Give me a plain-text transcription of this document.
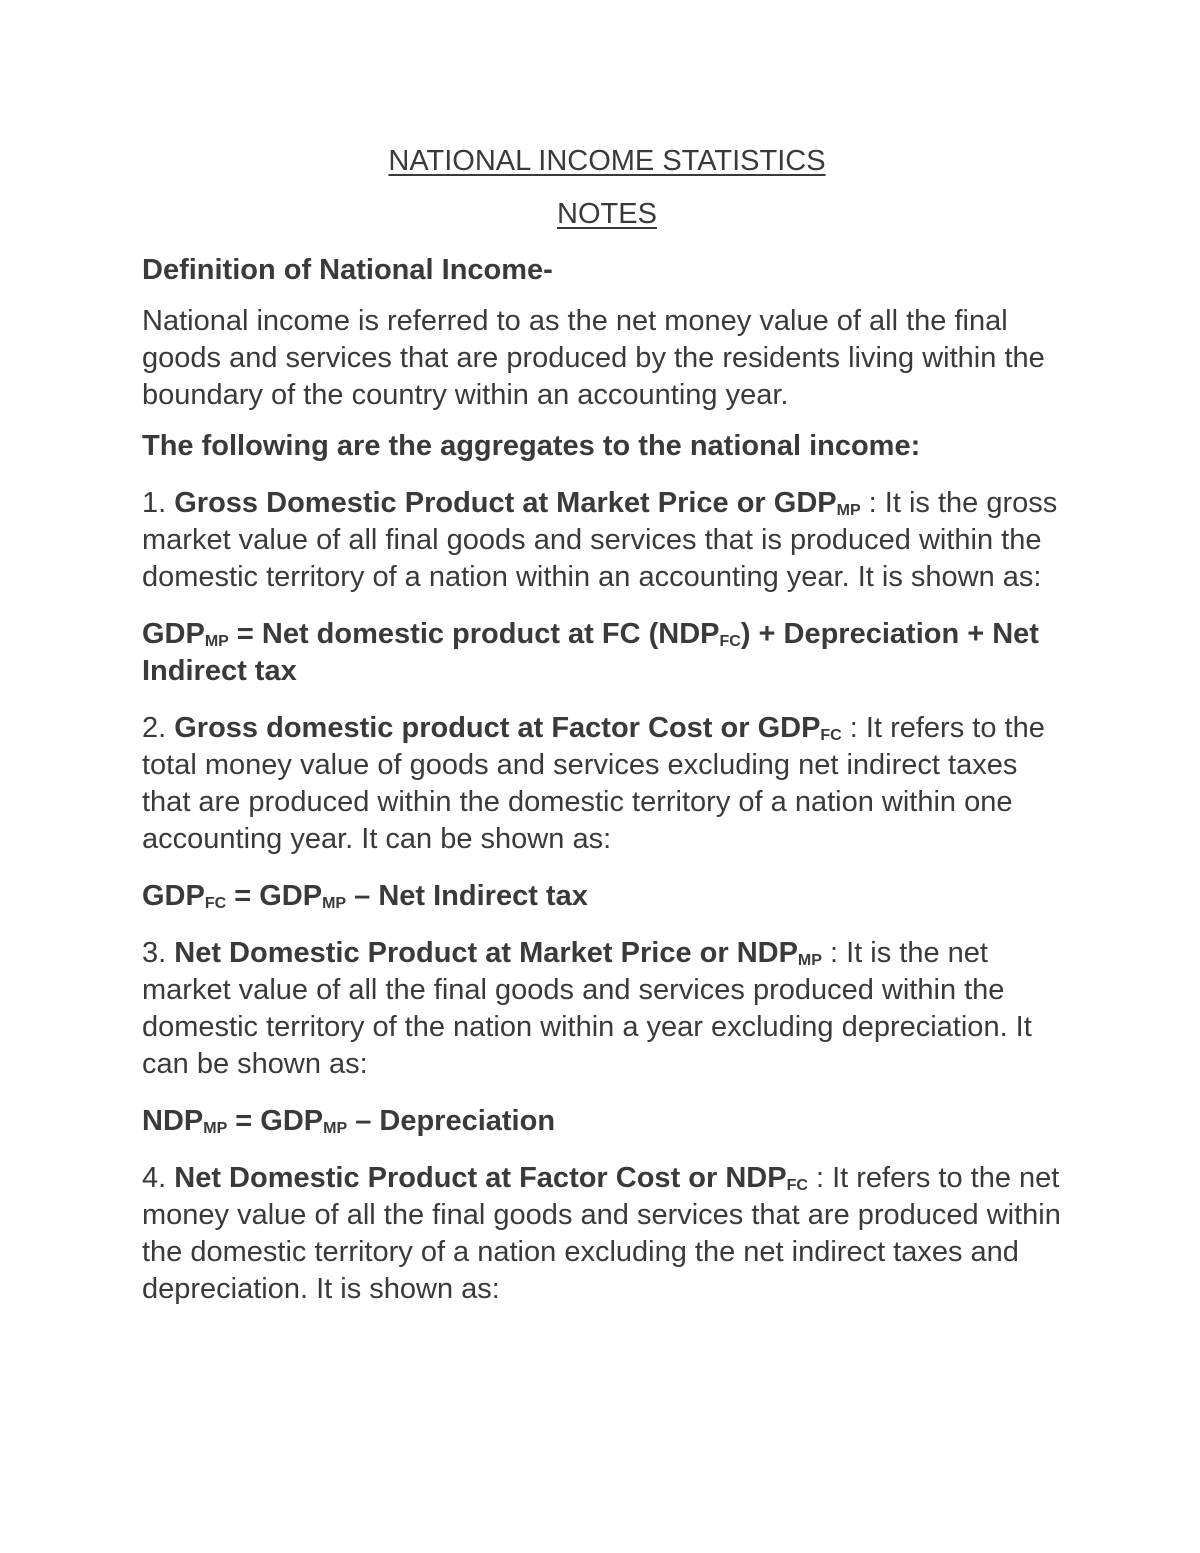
NATIONAL INCOME STATISTICS
NOTES
Definition of National Income-

National income is referred to as the net money value of all the final goods and services that are produced by the residents living within the boundary of the country within an accounting year.

The following are the aggregates to the national income:

1. Gross Domestic Product at Market Price or $GDP_{MP}$ : It is the gross market value of all final goods and services that is produced within the domestic territory of a nation within an accounting year. It is shown as:

$GDP_{MP}$ = Net domestic product at FC $(NDP_{FC})$ + Depreciation + Net Indirect tax

2. Gross domestic product at Factor Cost or $GDP_{FC}$ : It refers to the total money value of goods and services excluding net indirect taxes that are produced within the domestic territory of a nation within one accounting year. It can be shown as:

$GDP_{FC} = GDP_{MP}$ – Net Indirect tax

3. Net Domestic Product at Market Price or $NDP_{MP}$ : It is the net market value of all the final goods and services produced within the domestic territory of the nation within a year excluding depreciation. It can be shown as:

$NDP_{MP} = GDP_{MP}$ – Depreciation

4. Net Domestic Product at Factor Cost or $NDP_{FC}$ : It refers to the net money value of all the final goods and services that are produced within the domestic territory of a nation excluding the net indirect taxes and depreciation. It is shown as:
